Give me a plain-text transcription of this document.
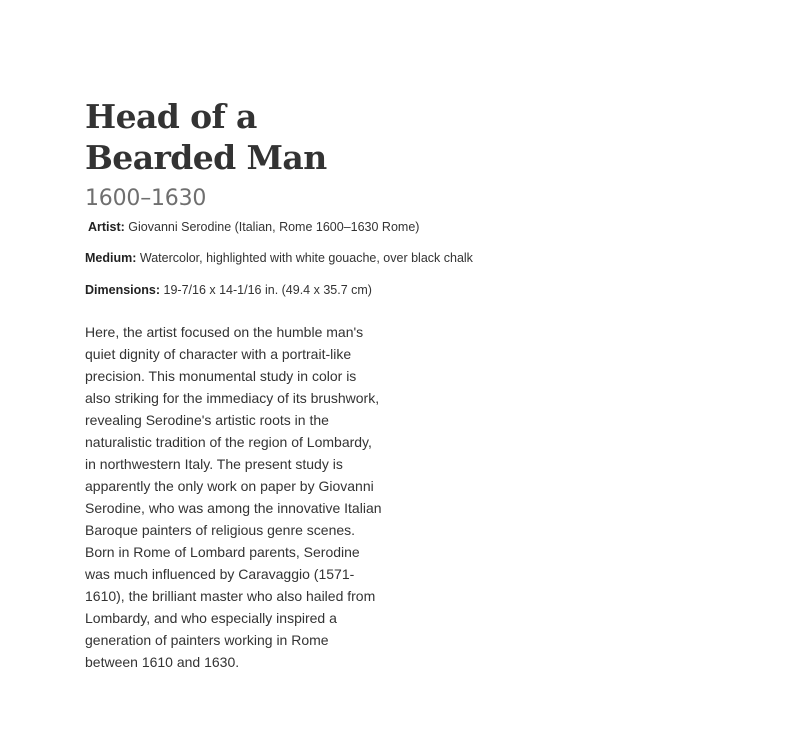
Head of a Bearded Man
1600–1630

Artist: Giovanni Serodine (Italian, Rome 1600–1630 Rome)

Medium: Watercolor, highlighted with white gouache, over black chalk

Dimensions: 19-7/16 x 14-1/16 in. (49.4 x 35.7 cm)

Here, the artist focused on the humble man's quiet dignity of character with a portrait-like precision. This monumental study in color is also striking for the immediacy of its brushwork, revealing Serodine's artistic roots in the naturalistic tradition of the region of Lombardy, in northwestern Italy. The present study is apparently the only work on paper by Giovanni Serodine, who was among the innovative Italian Baroque painters of religious genre scenes. Born in Rome of Lombard parents, Serodine was much influenced by Caravaggio (1571-1610), the brilliant master who also hailed from Lombardy, and who especially inspired a generation of painters working in Rome between 1610 and 1630.
